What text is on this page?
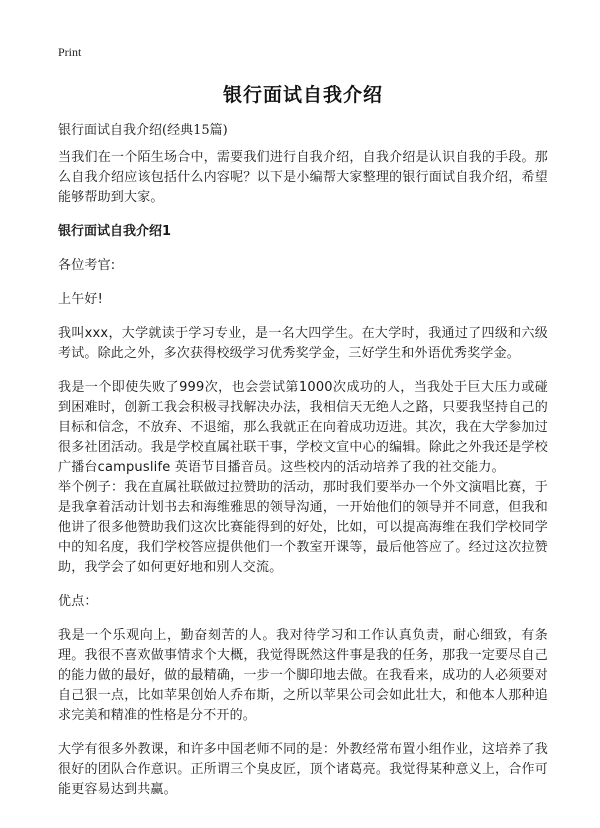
Print
银行面试自我介绍

银行面试自我介绍(经典15篇)

当我们在一个陌生场合中，需要我们进行自我介绍，自我介绍是认识自我的手段。那么自我介绍应该包括什么内容呢？以下是小编帮大家整理的银行面试自我介绍，希望能够帮助到大家。

银行面试自我介绍1

各位考官:

上午好!

我叫xxx，大学就读于学习专业，是一名大四学生。在大学时，我通过了四级和六级考试。除此之外，多次获得校级学习优秀奖学金，三好学生和外语优秀奖学金。

我是一个即使失败了999次，也会尝试第1000次成功的人，当我处于巨大压力或碰到困难时，创新工我会积极寻找解决办法，我相信天无绝人之路，只要我坚持自己的目标和信念，不放弃、不退缩，那么我就正在向着成功迈进。其次，我在大学参加过很多社团活动。我是学校直属社联干事，学校文宣中心的编辑。除此之外我还是学校广播台campuslife 英语节目播音员。这些校内的活动培养了我的社交能力。

举个例子：我在直属社联做过拉赞助的活动，那时我们要举办一个外文演唱比赛，于是我拿着活动计划书去和海维雅思的领导沟通，一开始他们的领导并不同意，但我和他讲了很多他赞助我们这次比赛能得到的好处，比如，可以提高海维在我们学校同学中的知名度，我们学校答应提供他们一个教室开课等，最后他答应了。经过这次拉赞助，我学会了如何更好地和别人交流。

优点：

我是一个乐观向上，勤奋刻苦的人。我对待学习和工作认真负责，耐心细致，有条理。我很不喜欢做事情求个大概，我觉得既然这件事是我的任务，那我一定要尽自己的能力做的最好，做的最精确，一步一个脚印地去做。在我看来，成功的人必须要对自己狠一点，比如苹果创始人乔布斯，之所以苹果公司会如此壮大，和他本人那种追求完美和精准的性格是分不开的。

大学有很多外教课，和许多中国老师不同的是：外教经常布置小组作业，这培养了我很好的团队合作意识。正所谓三个臭皮匠，顶个诸葛亮。我觉得某种意义上，合作可能更容易达到共赢。
